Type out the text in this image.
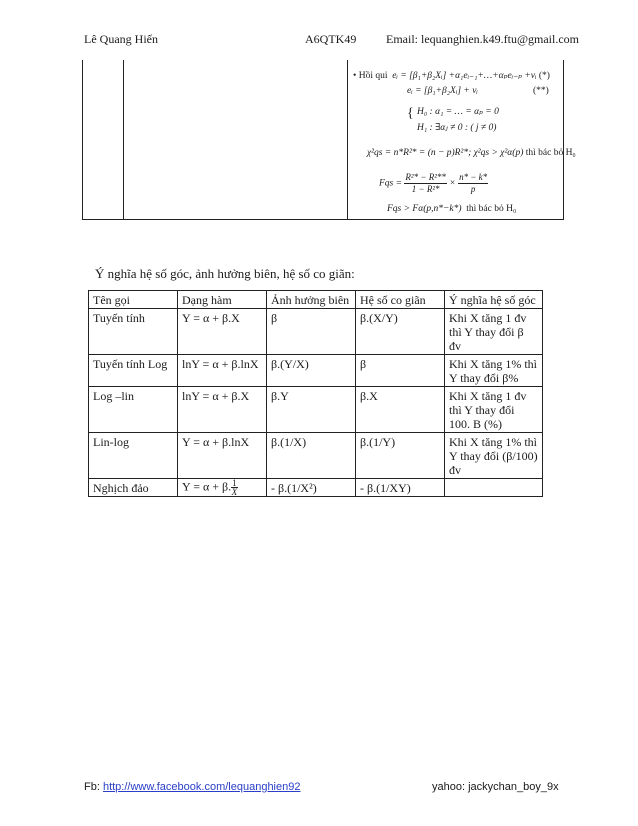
Lê Quang Hiến	A6QTK49 Email: lequanghien.k49.ftu@gmail.com
• Hồi qui eᵢ = [β₁+β₂Xᵢ] +α₁eᵢ₋₁+…+αₚeᵢ₋ₚ +vᵢ (*)
eᵢ = [β₁+β₂Xᵢ] + vᵢ	(**)
{ H₀ : α₁ = … = αₚ = 0
H₁ : ∃αⱼ ≠ 0 : ( j ≠ 0)
χ²qs = n*R²* = (n − p)R²*; χ²qs > χ²α(p) thì bác bỏ H₀
Fqs = $\frac{\text{R²* − R²**}}{\text{1 − R²*}} \times \frac{n* - k*}{p}$
Fqs > Fα(p,n*−k*) thì bác bỏ H₀
Ý nghĩa hệ số góc, ảnh hưởng biên, hệ số co giãn:
Tên gọi	Dạng hàm	Ảnh hưởng biên	Hệ số co giãn	Ý nghĩa hệ số góc
Tuyến tính	Y = α + β.X	β	β.(X/Y)	Khi X tăng 1 đv thì Y thay đổi β đv
Tuyến tính Log	lnY = α + β.lnX	β.(Y/X)	β	Khi X tăng 1% thì Y thay đổi β%
Log –lin	lnY = α + β.X	β.Y	β.X	Khi X tăng 1 đv thì Y thay đổi 100. B (%)
Lin-log	Y = α + β.lnX	β.(1/X)	β.(1/Y)	Khi X tăng 1% thì Y thay đổi (β/100) đv
Nghịch đảo	Y = α + β. $\frac{1}{X}$	- β.(1/X²)	- β.(1/XY)	
Fb: http://www.facebook.com/lequanghien92	yahoo: jackychan_boy_9x
